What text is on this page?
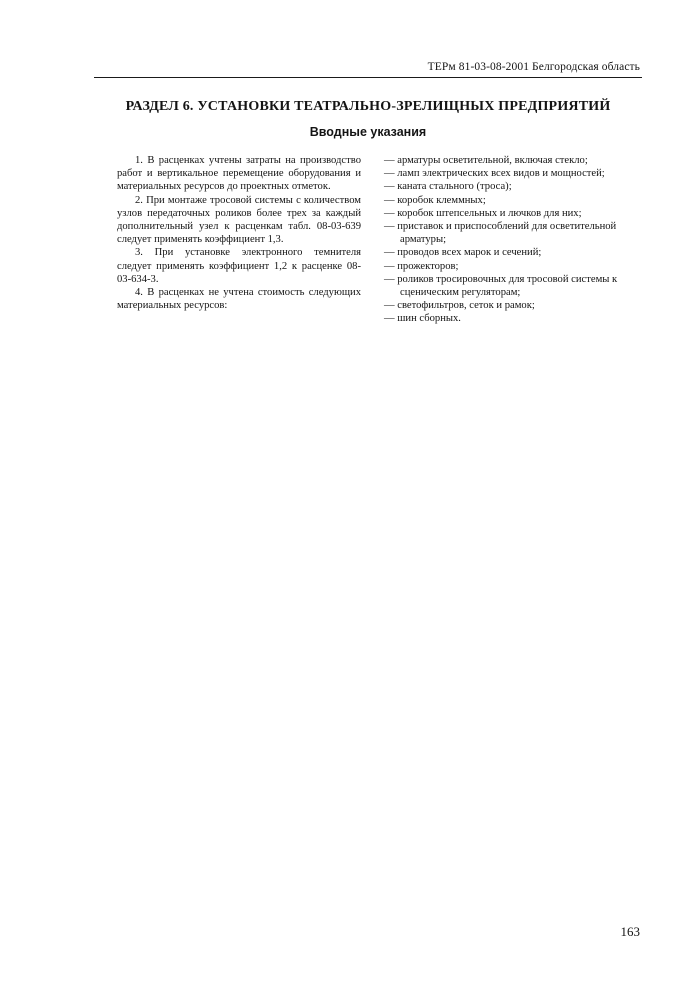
ТЕРм 81-03-08-2001 Белгородская область
РАЗДЕЛ 6. УСТАНОВКИ ТЕАТРАЛЬНО-ЗРЕЛИЩНЫХ ПРЕДПРИЯТИЙ
Вводные указания

1. В расценках учтены затраты на производство работ и вертикальное перемещение оборудования и материальных ресурсов до проектных отметок.

2. При монтаже тросовой системы с количеством узлов передаточных роликов более трех за каждый дополнительный узел к расценкам табл. 08-03-639 следует применять коэффициент 1,3.

3. При установке электронного темнителя следует применять коэффициент 1,2 к расценке 08-03-634-3.

4. В расценках не учтена стоимость следующих материальных ресурсов:

— арматуры осветительной, включая стекло;
— ламп электрических всех видов и мощностей;
— каната стального (троса);
— коробок клеммных;
— коробок штепсельных и лючков для них;
— приставок и приспособлений для осветительной арматуры;
— проводов всех марок и сечений;
— прожекторов;
— роликов тросировочных для тросовой системы к сценическим регуляторам;
— светофильтров, сеток и рамок;
— шин сборных.
163
